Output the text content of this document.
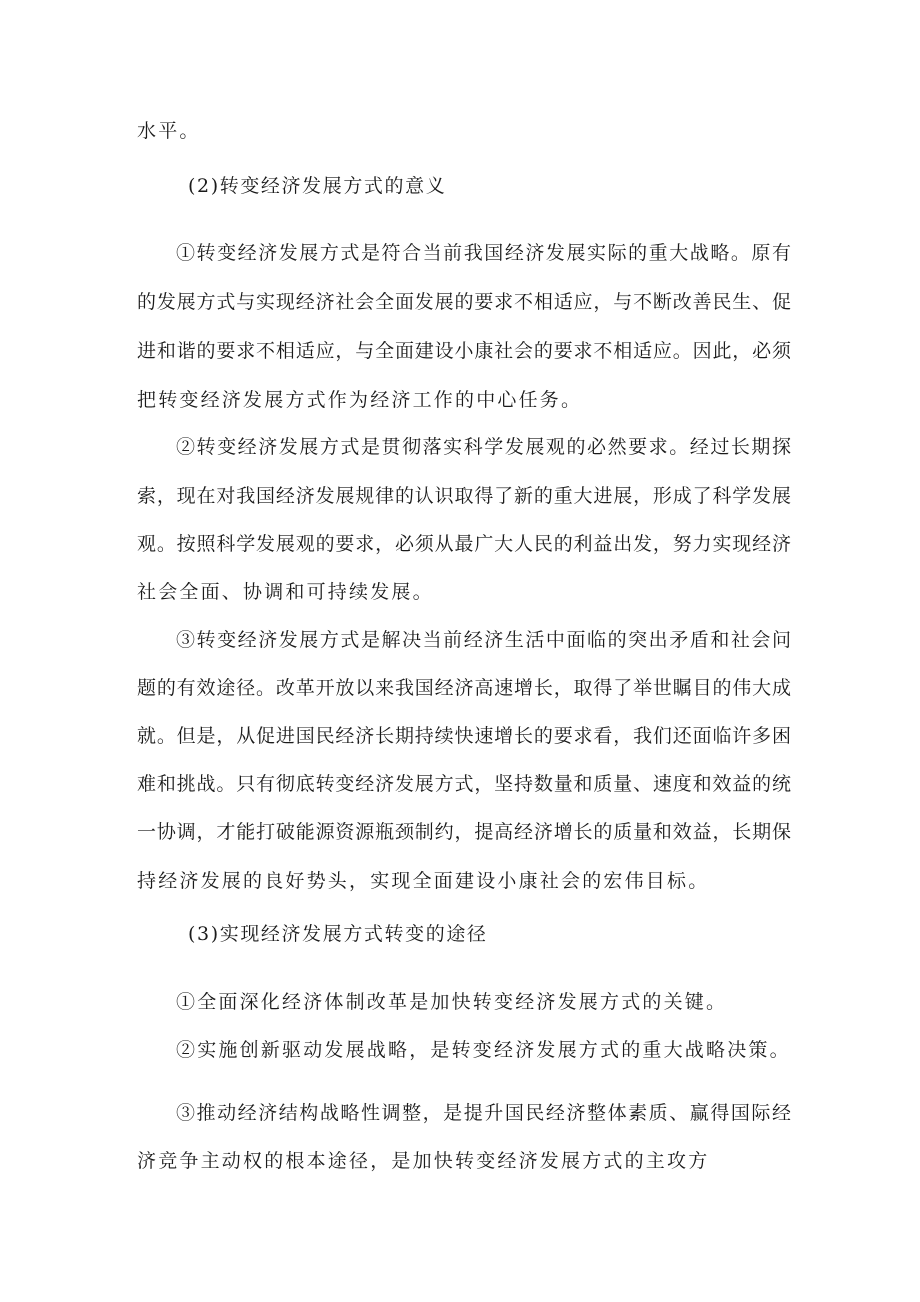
水平。
(2)转变经济发展方式的意义
①转变经济发展方式是符合当前我国经济发展实际的重大战略。原有
的发展方式与实现经济社会全面发展的要求不相适应，与不断改善民生、促
进和谐的要求不相适应，与全面建设小康社会的要求不相适应。因此，必须
把转变经济发展方式作为经济工作的中心任务。
②转变经济发展方式是贯彻落实科学发展观的必然要求。经过长期探
索，现在对我国经济发展规律的认识取得了新的重大进展，形成了科学发展
观。按照科学发展观的要求，必须从最广大人民的利益出发，努力实现经济
社会全面、协调和可持续发展。
③转变经济发展方式是解决当前经济生活中面临的突出矛盾和社会问
题的有效途径。改革开放以来我国经济高速增长，取得了举世瞩目的伟大成
就。但是，从促进国民经济长期持续快速增长的要求看，我们还面临许多困
难和挑战。只有彻底转变经济发展方式，坚持数量和质量、速度和效益的统
一协调，才能打破能源资源瓶颈制约，提高经济增长的质量和效益，长期保
持经济发展的良好势头，实现全面建设小康社会的宏伟目标。
(3)实现经济发展方式转变的途径
①全面深化经济体制改革是加快转变经济发展方式的关键。
②实施创新驱动发展战略，是转变经济发展方式的重大战略决策。
③推动经济结构战略性调整，是提升国民经济整体素质、赢得国际经
济竞争主动权的根本途径，是加快转变经济发展方式的主攻方
